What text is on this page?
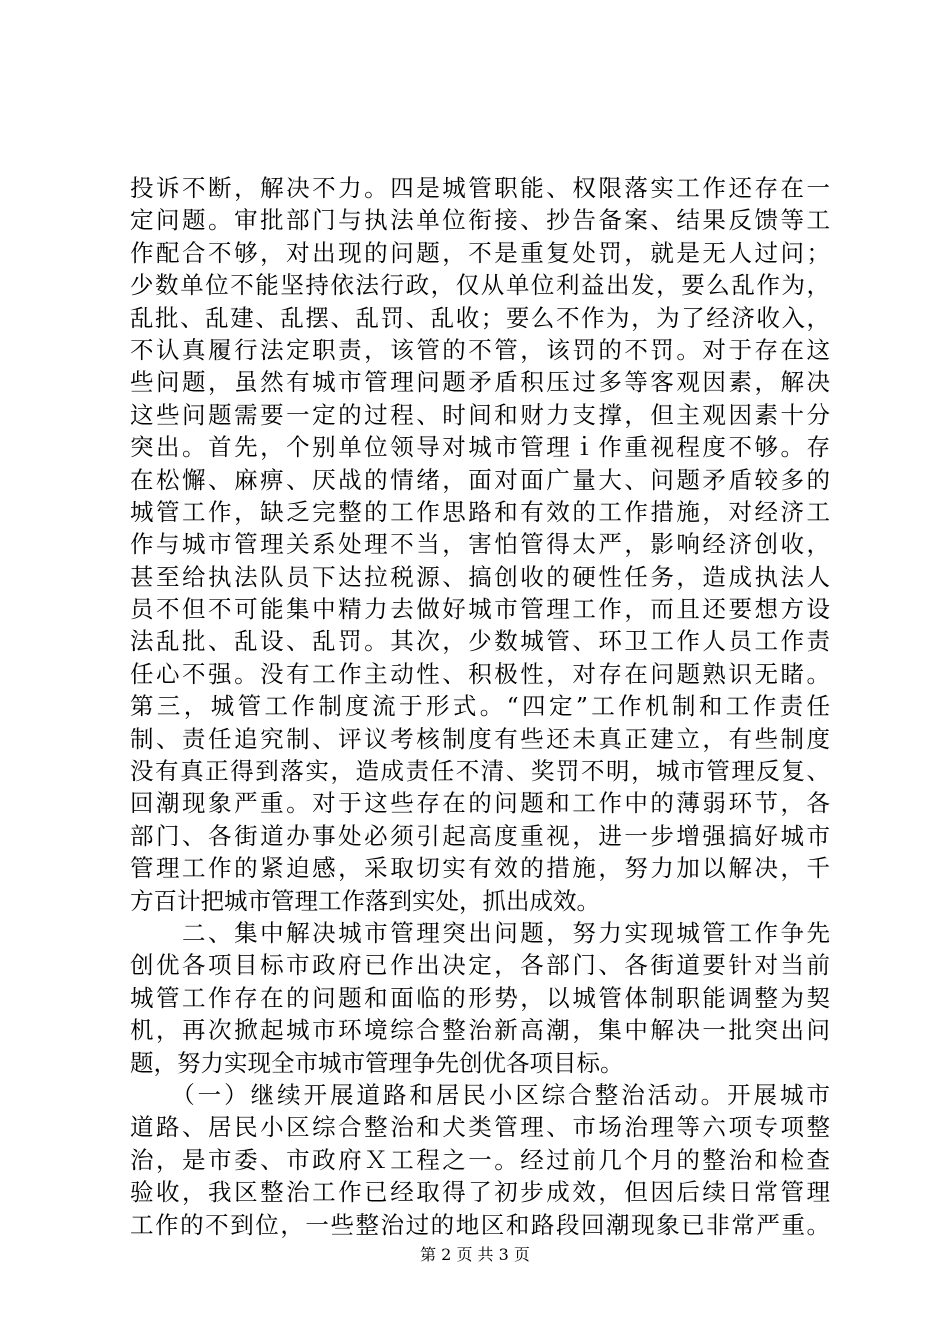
投诉不断，解决不力。四是城管职能、权限落实工作还存在一
定问题。审批部门与执法单位衔接、抄告备案、结果反馈等工
作配合不够，对出现的问题，不是重复处罚，就是无人过问；
少数单位不能坚持依法行政，仅从单位利益出发，要么乱作为，
乱批、乱建、乱摆、乱罚、乱收；要么不作为，为了经济收入，
不认真履行法定职责，该管的不管，该罚的不罚。对于存在这
些问题，虽然有城市管理问题矛盾积压过多等客观因素，解决
这些问题需要一定的过程、时间和财力支撑，但主观因素十分
突出。首先，个别单位领导对城市管理ｉ作重视程度不够。存
在松懈、麻痹、厌战的情绪，面对面广量大、问题矛盾较多的
城管工作，缺乏完整的工作思路和有效的工作措施，对经济工
作与城市管理关系处理不当，害怕管得太严，影响经济创收，
甚至给执法队员下达拉税源、搞创收的硬性任务，造成执法人
员不但不可能集中精力去做好城市管理工作，而且还要想方设
法乱批、乱设、乱罚。其次，少数城管、环卫工作人员工作责
任心不强。没有工作主动性、积极性，对存在问题熟识无睹。
第三，城管工作制度流于形式。“四定”工作机制和工作责任
制、责任追究制、评议考核制度有些还未真正建立，有些制度
没有真正得到落实，造成责任不清、奖罚不明，城市管理反复、
回潮现象严重。对于这些存在的问题和工作中的薄弱环节，各
部门、各街道办事处必须引起高度重视，进一步增强搞好城市
管理工作的紧迫感，采取切实有效的措施，努力加以解决，千
方百计把城市管理工作落到实处，抓出成效。
　　二、集中解决城市管理突出问题，努力实现城管工作争先
创优各项目标市政府已作出决定，各部门、各街道要针对当前
城管工作存在的问题和面临的形势，以城管体制职能调整为契
机，再次掀起城市环境综合整治新高潮，集中解决一批突出问
题，努力实现全市城市管理争先创优各项目标。
　　（一）继续开展道路和居民小区综合整治活动。开展城市
道路、居民小区综合整治和犬类管理、市场治理等六项专项整
治，是市委、市政府Ｘ工程之一。经过前几个月的整治和检查
验收，我区整治工作已经取得了初步成效，但因后续日常管理
工作的不到位，一些整治过的地区和路段回潮现象已非常严重。
第 2 页 共 3 页
